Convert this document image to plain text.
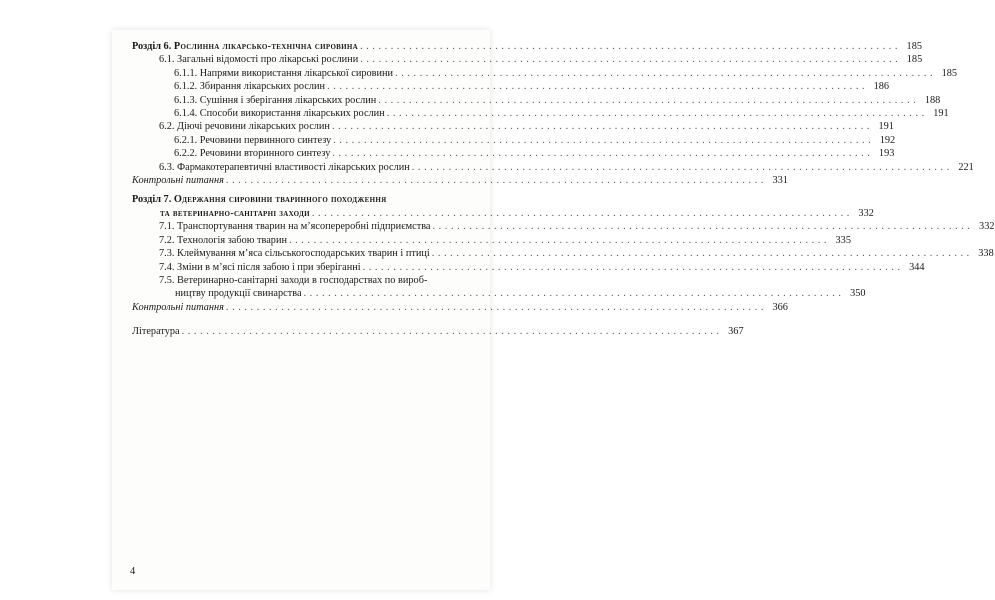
Розділ 6. Рослинна лікарсько-технічна сировина . . .	185
6.1. Загальні відомості про лікарські рослини . . .	185
6.1.1. Напрями використання лікарської сировини . . .	185
6.1.2. Збирання лікарських рослин . . .	186
6.1.3. Сушіння і зберігання лікарських рослин . . .	188
6.1.4. Способи використання лікарських рослин . . .	191
6.2. Діючі речовини лікарських рослин . . .	191
6.2.1. Речовини первинного синтезу . . .	192
6.2.2. Речовини вторинного синтезу . . .	193
6.3. Фармакотерапевтичні властивості лікарських рослин . . .	221
Контрольні питання . . .	331
Розділ 7. Одержання сировини тваринного походження
та ветеринарно-санітарні заходи . . .	332
7.1. Транспортування тварин на м’ясопереробні підприємства . . .	332
7.2. Технологія забою тварин . . .	335
7.3. Клеймування м’яса сільськогосподарських тварин і птиці . . .	338
7.4. Зміни в м’ясі після забою і при зберіганні . . .	344
7.5. Ветеринарно-санітарні заходи в господарствах по вироб-
ництву продукції свинарства . . .	350
Контрольні питання . . .	366
Література . . .	367
4
